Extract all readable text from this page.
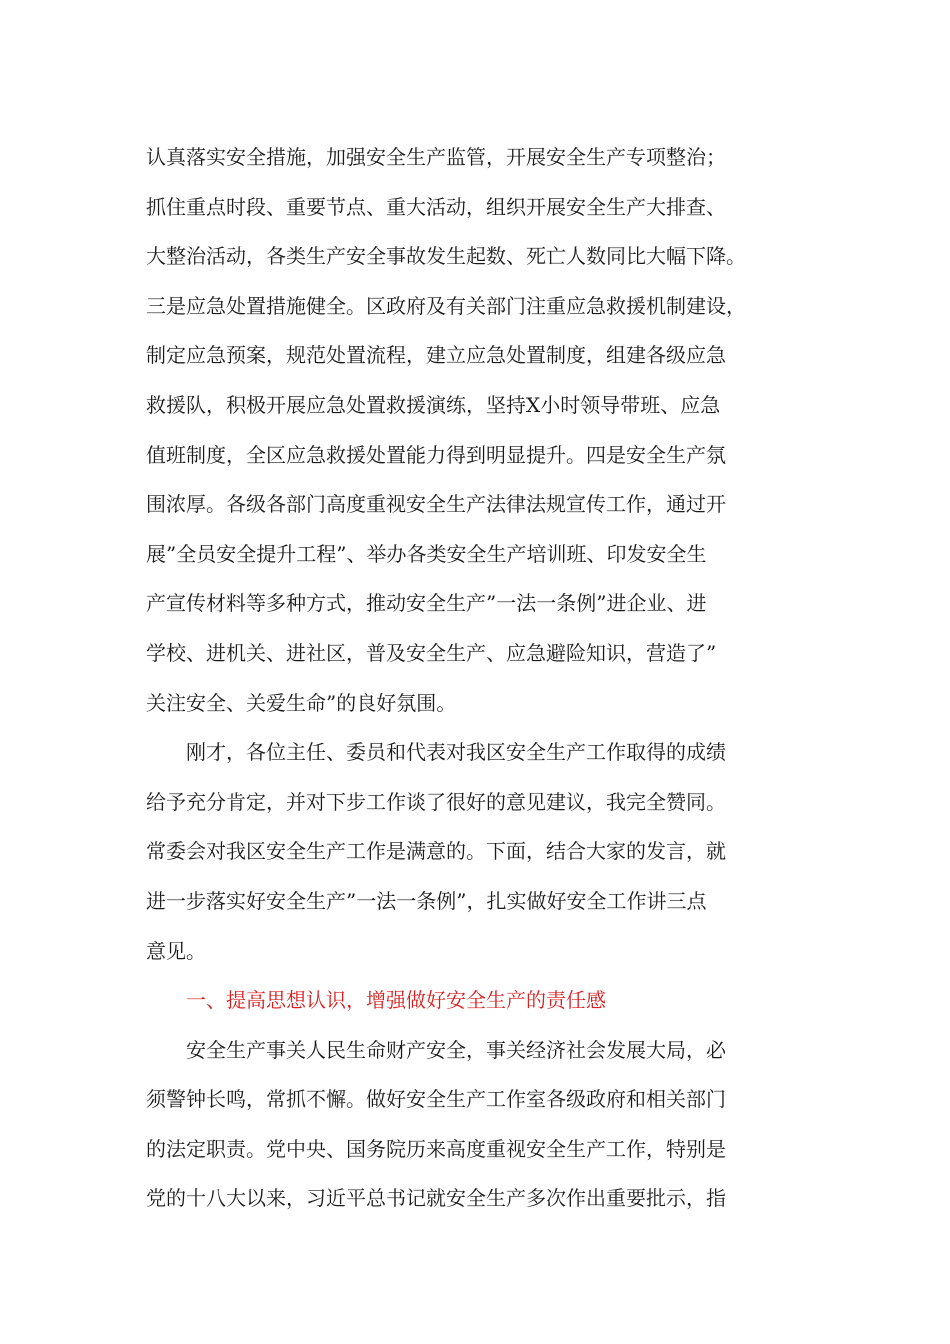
认真落实安全措施，加强安全生产监管，开展安全生产专项整治；
抓住重点时段、重要节点、重大活动，组织开展安全生产大排查、
大整治活动，各类生产安全事故发生起数、死亡人数同比大幅下降。
三是应急处置措施健全。区政府及有关部门注重应急救援机制建设，
制定应急预案，规范处置流程，建立应急处置制度，组建各级应急
救援队，积极开展应急处置救援演练，坚持X小时领导带班、应急
值班制度，全区应急救援处置能力得到明显提升。四是安全生产氛
围浓厚。各级各部门高度重视安全生产法律法规宣传工作，通过开
展”全员安全提升工程”、举办各类安全生产培训班、印发安全生
产宣传材料等多种方式，推动安全生产”一法一条例”进企业、进
学校、进机关、进社区，普及安全生产、应急避险知识，营造了”
关注安全、关爱生命”的良好氛围。
刚才，各位主任、委员和代表对我区安全生产工作取得的成绩
给予充分肯定，并对下步工作谈了很好的意见建议，我完全赞同。
常委会对我区安全生产工作是满意的。下面，结合大家的发言，就
进一步落实好安全生产”一法一条例”，扎实做好安全工作讲三点
意见。
一、提高思想认识，增强做好安全生产的责任感
安全生产事关人民生命财产安全，事关经济社会发展大局，必
须警钟长鸣，常抓不懈。做好安全生产工作室各级政府和相关部门
的法定职责。党中央、国务院历来高度重视安全生产工作，特别是
党的十八大以来，习近平总书记就安全生产多次作出重要批示，指
